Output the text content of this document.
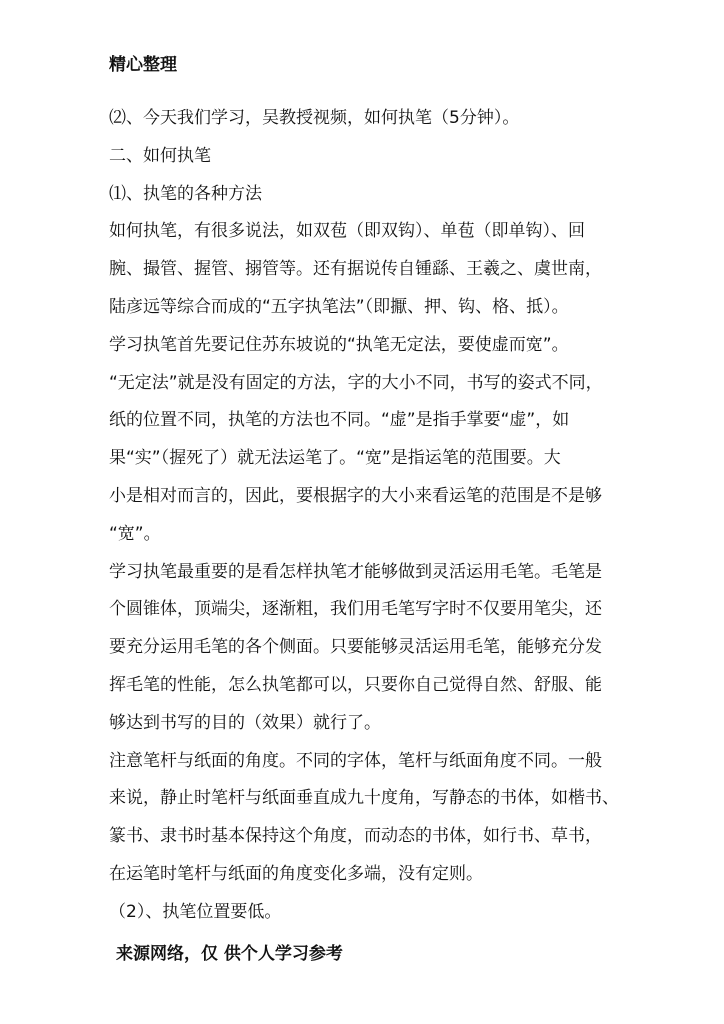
精心整理
⑵、今天我们学习，吴教授视频，如何执笔（5分钟）。
二、如何执笔
⑴、执笔的各种方法
如何执笔，有很多说法，如双苞（即双钩）、单苞（即单钩）、回
腕、撮管、握管、搦管等。还有据说传自锺繇、王羲之、虞世南，
陆彦远等综合而成的“五字执笔法”（即擫、押、钩、格、抵）。
学习执笔首先要记住苏东坡说的“执笔无定法，要使虚而宽”。
“无定法”就是没有固定的方法，字的大小不同，书写的姿式不同，
纸的位置不同，执笔的方法也不同。“虚”是指手掌要“虚”，如
果“实”（握死了）就无法运笔了。“宽”是指运笔的范围要。大
小是相对而言的，因此，要根据字的大小来看运笔的范围是不是够
“宽”。
学习执笔最重要的是看怎样执笔才能够做到灵活运用毛笔。毛笔是
个圆锥体，顶端尖，逐渐粗，我们用毛笔写字时不仅要用笔尖，还
要充分运用毛笔的各个侧面。只要能够灵活运用毛笔，能够充分发
挥毛笔的性能，怎么执笔都可以，只要你自己觉得自然、舒服、能
够达到书写的目的（效果）就行了。
注意笔杆与纸面的角度。不同的字体，笔杆与纸面角度不同。一般
来说，静止时笔杆与纸面垂直成九十度角，写静态的书体，如楷书、
篆书、隶书时基本保持这个角度，而动态的书体，如行书、草书，
在运笔时笔杆与纸面的角度变化多端，没有定则。
（2）、执笔位置要低。
来源网络，仅 供个人学习参考
